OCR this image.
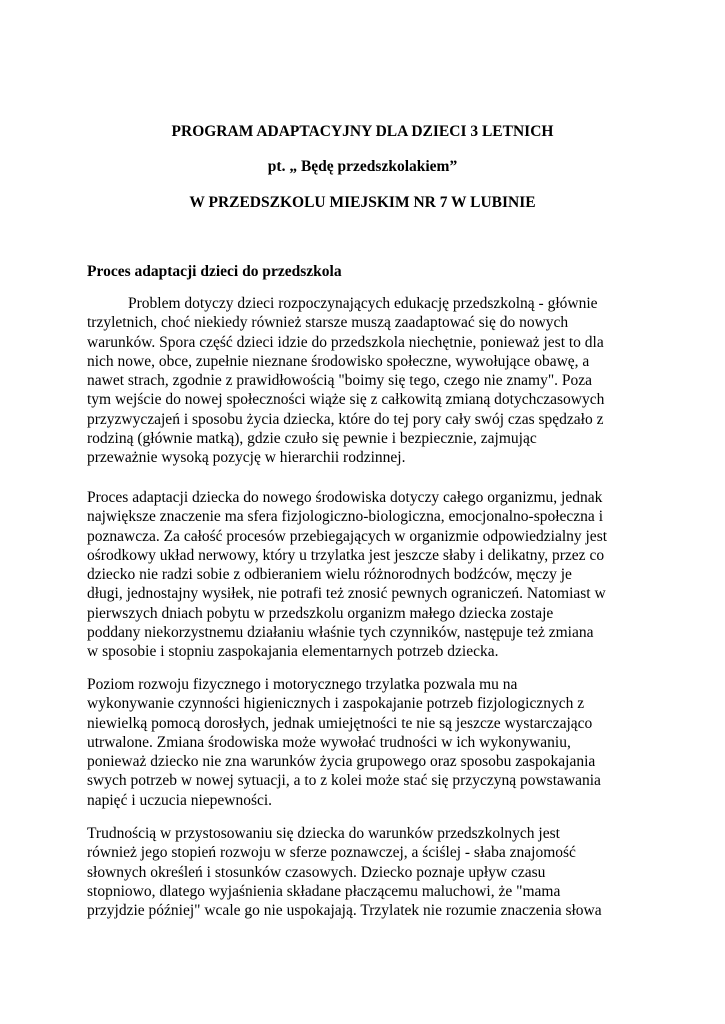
PROGRAM ADAPTACYJNY DLA DZIECI 3 LETNICH
pt. „ Będę przedszkolakiem”
W PRZEDSZKOLU MIEJSKIM NR 7 W LUBINIE
Proces adaptacji dzieci do przedszkola
Problem dotyczy dzieci rozpoczynających edukację przedszkolną - głównie
trzyletnich, choć niekiedy również starsze muszą zaadaptować się do nowych
warunków. Spora część dzieci idzie do przedszkola niechętnie, ponieważ jest to dla
nich nowe, obce, zupełnie nieznane środowisko społeczne, wywołujące obawę, a
nawet strach, zgodnie z prawidłowością "boimy się tego, czego nie znamy". Poza
tym wejście do nowej społeczności wiąże się z całkowitą zmianą dotychczasowych
przyzwyczajeń i sposobu życia dziecka, które do tej pory cały swój czas spędzało z
rodziną (głównie matką), gdzie czuło się pewnie i bezpiecznie, zajmując
przeważnie wysoką pozycję w hierarchii rodzinnej.
Proces adaptacji dziecka do nowego środowiska dotyczy całego organizmu, jednak
największe znaczenie ma sfera fizjologiczno-biologiczna, emocjonalno-społeczna i
poznawcza. Za całość procesów przebiegających w organizmie odpowiedzialny jest
ośrodkowy układ nerwowy, który u trzylatka jest jeszcze słaby i delikatny, przez co
dziecko nie radzi sobie z odbieraniem wielu różnorodnych bodźców, męczy je
długi, jednostajny wysiłek, nie potrafi też znosić pewnych ograniczeń. Natomiast w
pierwszych dniach pobytu w przedszkolu organizm małego dziecka zostaje
poddany niekorzystnemu działaniu właśnie tych czynników, następuje też zmiana
w sposobie i stopniu zaspokajania elementarnych potrzeb dziecka.
Poziom rozwoju fizycznego i motorycznego trzylatka pozwala mu na
wykonywanie czynności higienicznych i zaspokajanie potrzeb fizjologicznych z
niewielką pomocą dorosłych, jednak umiejętności te nie są jeszcze wystarczająco
utrwalone. Zmiana środowiska może wywołać trudności w ich wykonywaniu,
ponieważ dziecko nie zna warunków życia grupowego oraz sposobu zaspokajania
swych potrzeb w nowej sytuacji, a to z kolei może stać się przyczyną powstawania
napięć i uczucia niepewności.
Trudnością w przystosowaniu się dziecka do warunków przedszkolnych jest
również jego stopień rozwoju w sferze poznawczej, a ściślej - słaba znajomość
słownych określeń i stosunków czasowych. Dziecko poznaje upływ czasu
stopniowo, dlatego wyjaśnienia składane płaczącemu maluchowi, że "mama
przyjdzie później" wcale go nie uspokajają. Trzylatek nie rozumie znaczenia słowa
